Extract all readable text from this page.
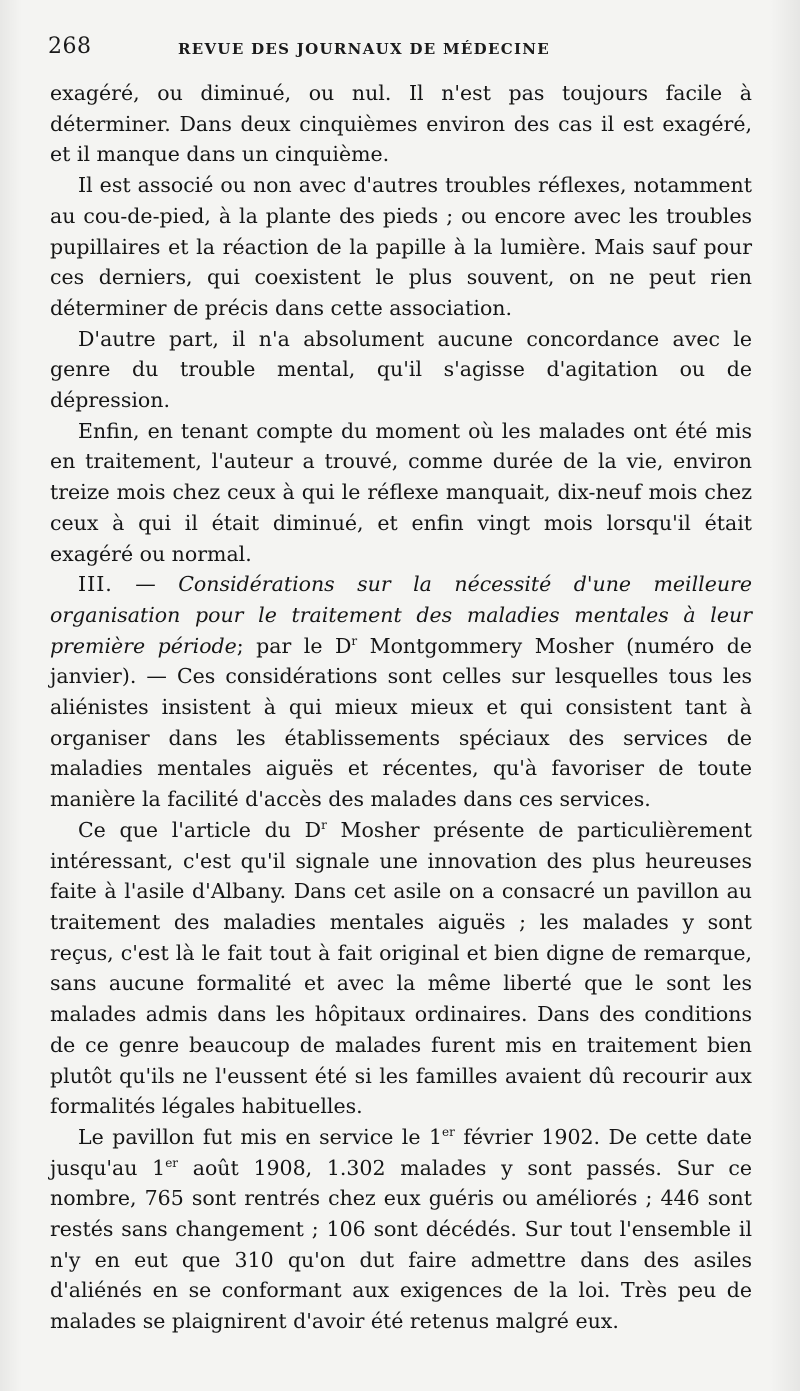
268	REVUE DES JOURNAUX DE MÉDECINE

exagéré, ou diminué, ou nul. Il n'est pas toujours facile à déterminer. Dans deux cinquièmes environ des cas il est exagéré, et il manque dans un cinquième.

Il est associé ou non avec d'autres troubles réflexes, notamment au cou-de-pied, à la plante des pieds ; ou encore avec les troubles pupillaires et la réaction de la papille à la lumière. Mais sauf pour ces derniers, qui coexistent le plus souvent, on ne peut rien déterminer de précis dans cette association.

D'autre part, il n'a absolument aucune concordance avec le genre du trouble mental, qu'il s'agisse d'agitation ou de dépression.

Enfin, en tenant compte du moment où les malades ont été mis en traitement, l'auteur a trouvé, comme durée de la vie, environ treize mois chez ceux à qui le réflexe manquait, dix-neuf mois chez ceux à qui il était diminué, et enfin vingt mois lorsqu'il était exagéré ou normal.

III. — Considérations sur la nécessité d'une meilleure organisation pour le traitement des maladies mentales à leur première période; par le $D^r$ Montgommery Mosher (numéro de janvier). — Ces considérations sont celles sur lesquelles tous les aliénistes insistent à qui mieux mieux et qui consistent tant à organiser dans les établissements spéciaux des services de maladies mentales aiguës et récentes, qu'à favoriser de toute manière la facilité d'accès des malades dans ces services.

Ce que l'article du $D^r$ Mosher présente de particulièrement intéressant, c'est qu'il signale une innovation des plus heureuses faite à l'asile d'Albany. Dans cet asile on a consacré un pavillon au traitement des maladies mentales aiguës ; les malades y sont reçus, c'est là le fait tout à fait original et bien digne de remarque, sans aucune formalité et avec la même liberté que le sont les malades admis dans les hôpitaux ordinaires. Dans des conditions de ce genre beaucoup de malades furent mis en traitement bien plutôt qu'ils ne l'eussent été si les familles avaient dû recourir aux formalités légales habituelles.

Le pavillon fut mis en service le 1er février 1902. De cette date jusqu'au 1er août 1908, 1.302 malades y sont passés. Sur ce nombre, 765 sont rentrés chez eux guéris ou améliorés ; 446 sont restés sans changement ; 106 sont décédés. Sur tout l'ensemble il n'y en eut que 310 qu'on dut faire admettre dans des asiles d'aliénés en se conformant aux exigences de la loi. Très peu de malades se plaignirent d'avoir été retenus malgré eux.
